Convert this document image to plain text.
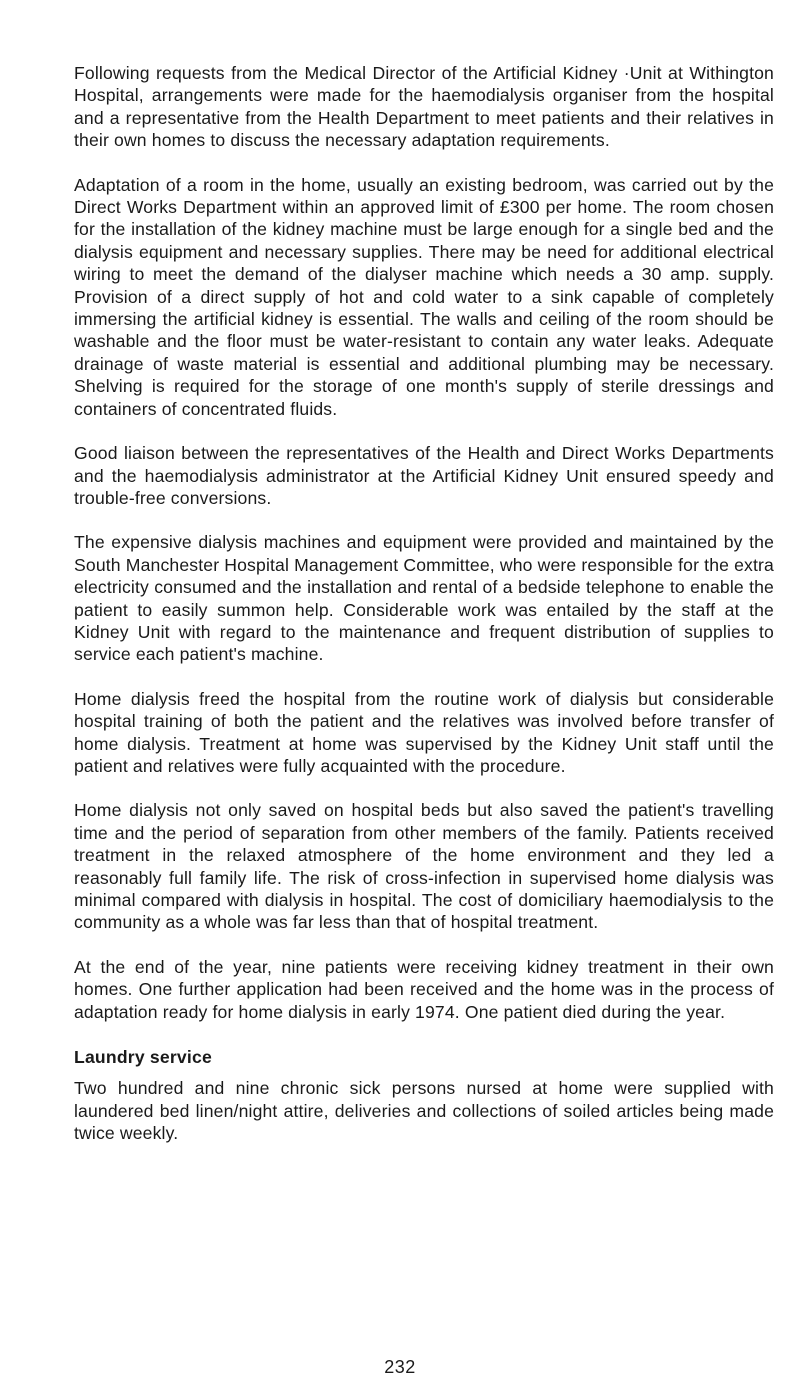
Following requests from the Medical Director of the Artificial Kidney ·Unit at Withington Hospital, arrangements were made for the haemodialysis organiser from the hospital and a representative from the Health Department to meet patients and their relatives in their own homes to discuss the necessary adaptation requirements.

Adaptation of a room in the home, usually an existing bedroom, was carried out by the Direct Works Department within an approved limit of £300 per home. The room chosen for the installation of the kidney machine must be large enough for a single bed and the dialysis equipment and necessary supplies. There may be need for additional electrical wiring to meet the demand of the dialyser machine which needs a 30 amp. supply. Provision of a direct supply of hot and cold water to a sink capable of completely immersing the artificial kidney is essential. The walls and ceiling of the room should be washable and the floor must be water-resistant to contain any water leaks. Adequate drainage of waste material is essential and additional plumbing may be necessary. Shelving is required for the storage of one month's supply of sterile dressings and containers of concentrated fluids.

Good liaison between the representatives of the Health and Direct Works Departments and the haemodialysis administrator at the Artificial Kidney Unit ensured speedy and trouble-free conversions.

The expensive dialysis machines and equipment were provided and maintained by the South Manchester Hospital Management Committee, who were responsible for the extra electricity consumed and the installation and rental of a bedside telephone to enable the patient to easily summon help. Considerable work was entailed by the staff at the Kidney Unit with regard to the maintenance and frequent distribution of supplies to service each patient's machine.

Home dialysis freed the hospital from the routine work of dialysis but considerable hospital training of both the patient and the relatives was involved before transfer of home dialysis. Treatment at home was supervised by the Kidney Unit staff until the patient and relatives were fully acquainted with the procedure.

Home dialysis not only saved on hospital beds but also saved the patient's travelling time and the period of separation from other members of the family. Patients received treatment in the relaxed atmosphere of the home environment and they led a reasonably full family life. The risk of cross-infection in supervised home dialysis was minimal compared with dialysis in hospital. The cost of domiciliary haemodialysis to the community as a whole was far less than that of hospital treatment.

At the end of the year, nine patients were receiving kidney treatment in their own homes. One further application had been received and the home was in the process of adaptation ready for home dialysis in early 1974. One patient died during the year.

Laundry service

Two hundred and nine chronic sick persons nursed at home were supplied with laundered bed linen/night attire, deliveries and collections of soiled articles being made twice weekly.

232
